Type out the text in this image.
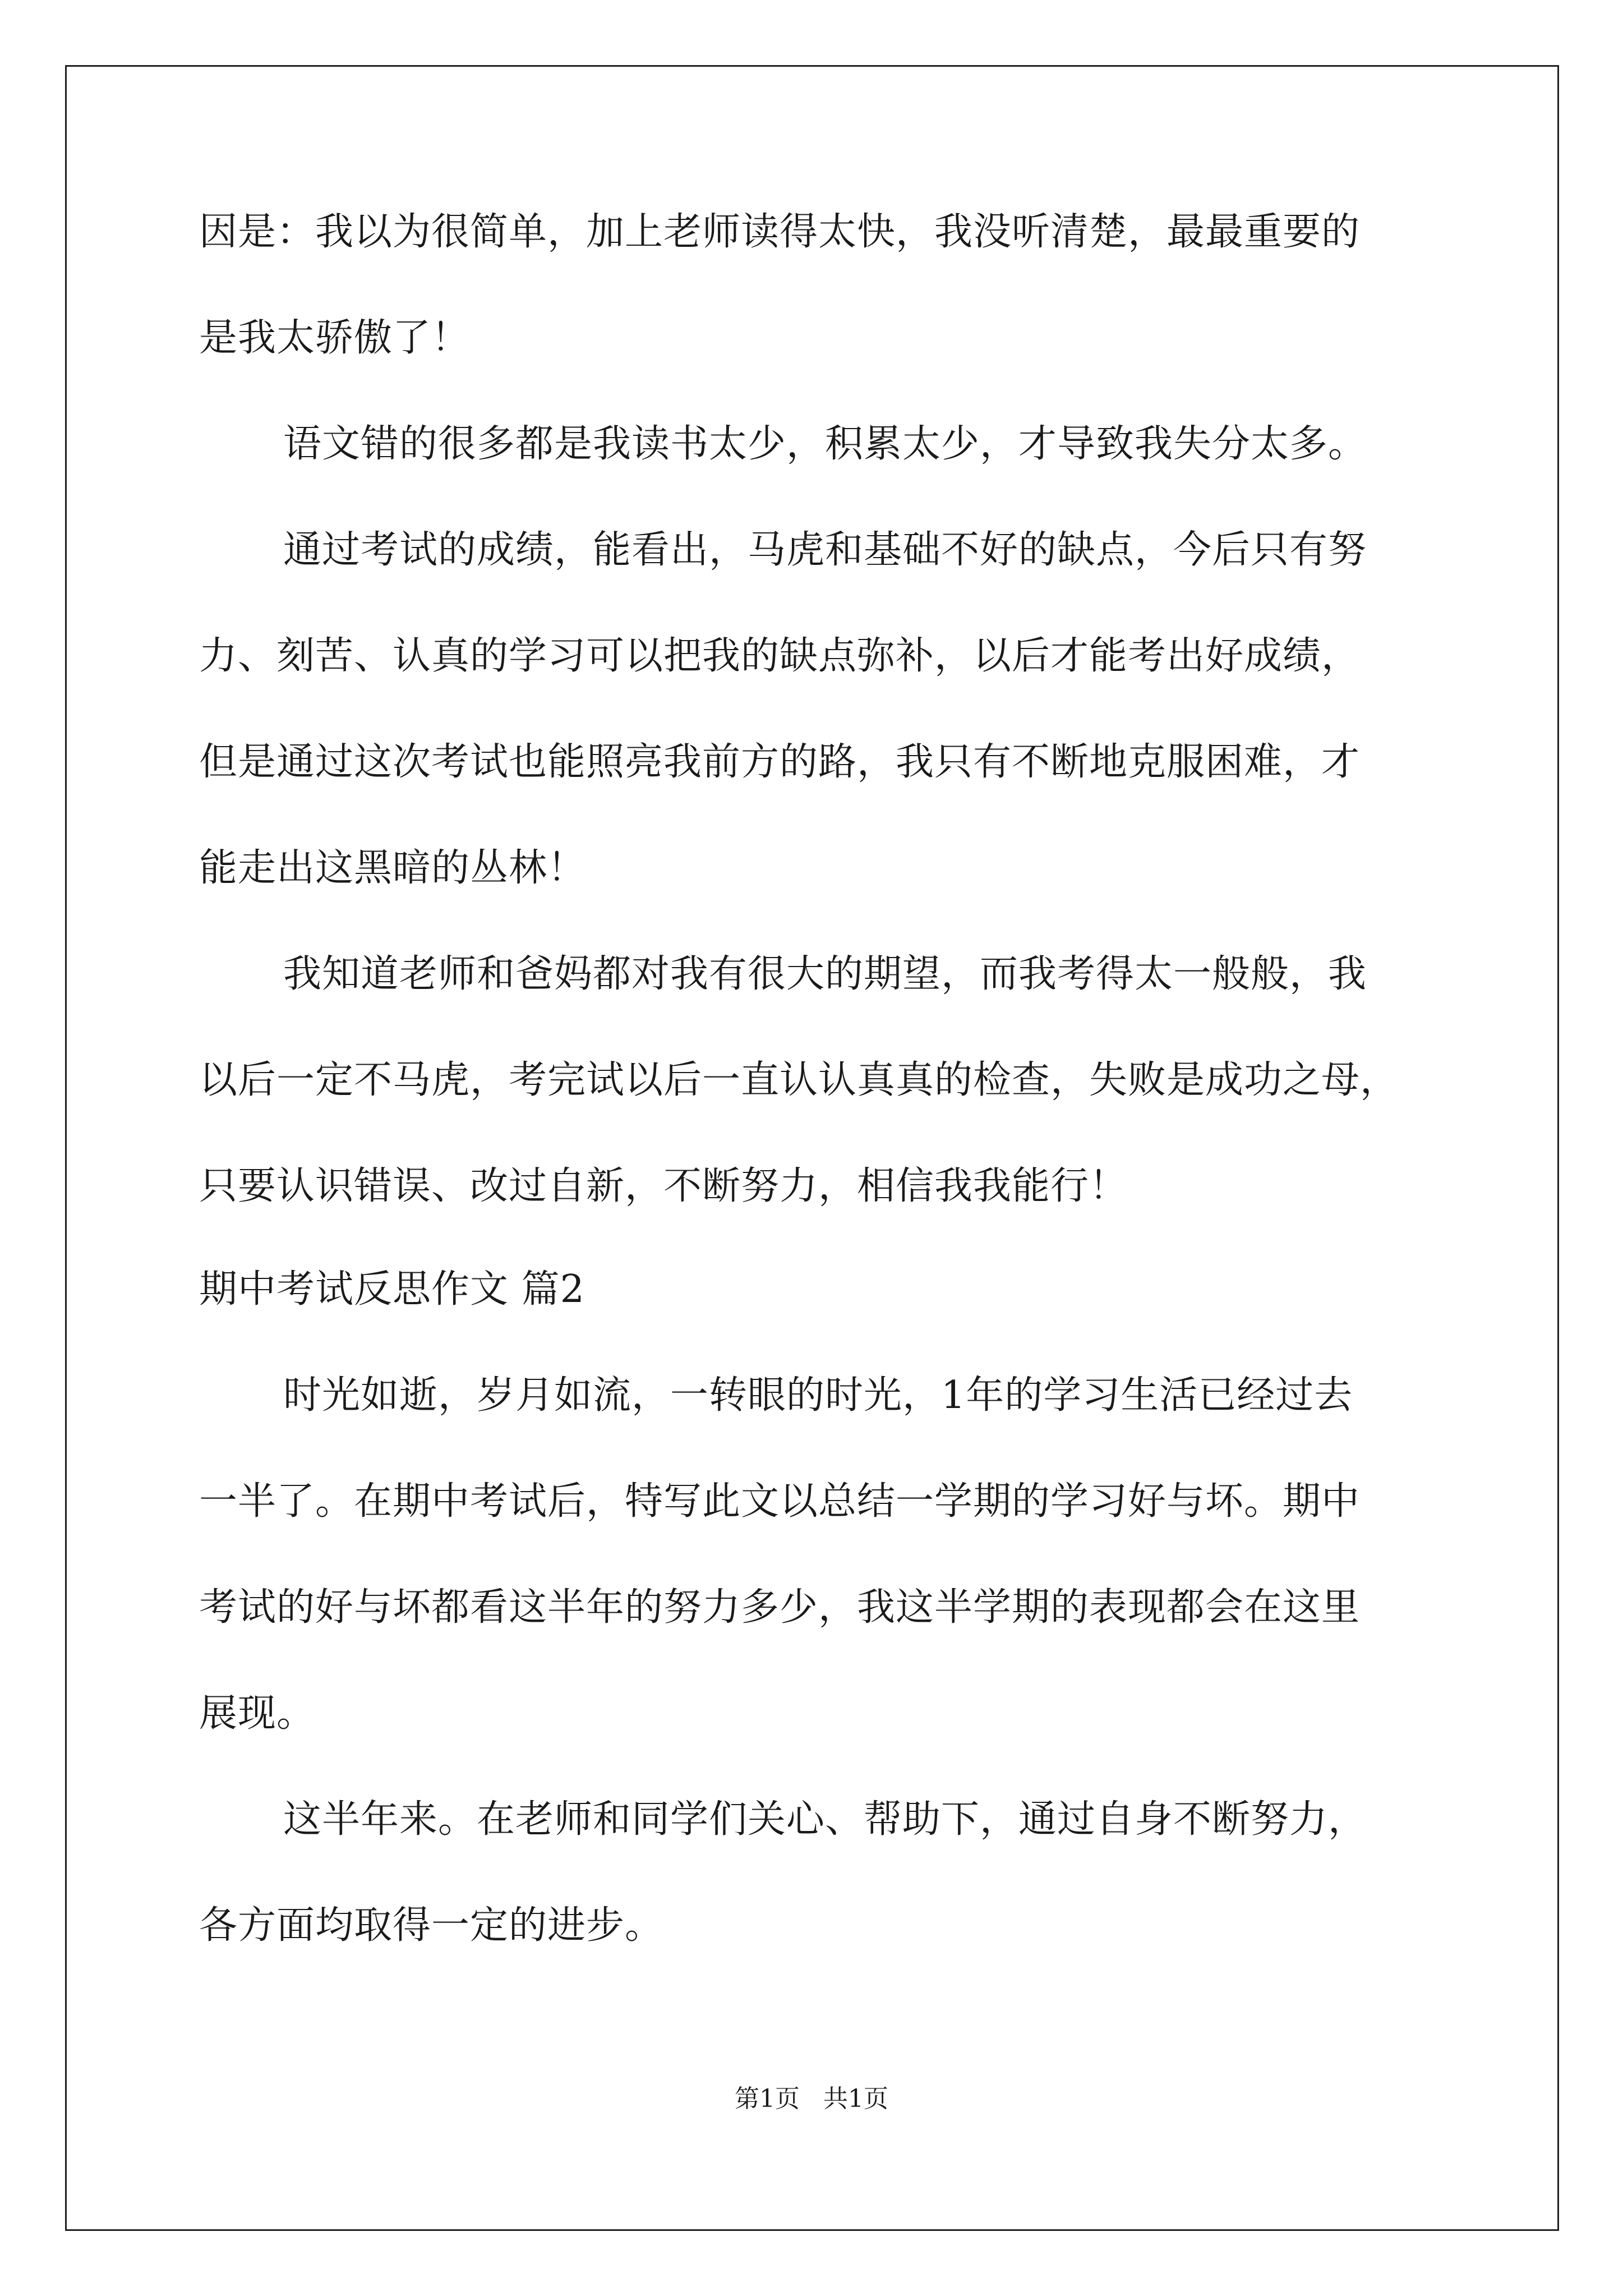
因是：我以为很简单，加上老师读得太快，我没听清楚，最最重要的
是我太骄傲了！
语文错的很多都是我读书太少，积累太少，才导致我失分太多。
通过考试的成绩，能看出，马虎和基础不好的缺点，今后只有努
力、刻苦、认真的学习可以把我的缺点弥补，以后才能考出好成绩，
但是通过这次考试也能照亮我前方的路，我只有不断地克服困难，才
能走出这黑暗的丛林！
我知道老师和爸妈都对我有很大的期望，而我考得太一般般，我
以后一定不马虎，考完试以后一直认认真真的检查，失败是成功之母，
只要认识错误、改过自新，不断努力，相信我我能行！
期中考试反思作文 篇2
时光如逝，岁月如流，一转眼的时光，1年的学习生活已经过去
一半了。在期中考试后，特写此文以总结一学期的学习好与坏。期中
考试的好与坏都看这半年的努力多少，我这半学期的表现都会在这里
展现。
这半年来。在老师和同学们关心、帮助下，通过自身不断努力，
各方面均取得一定的进步。
第1页 共1页
